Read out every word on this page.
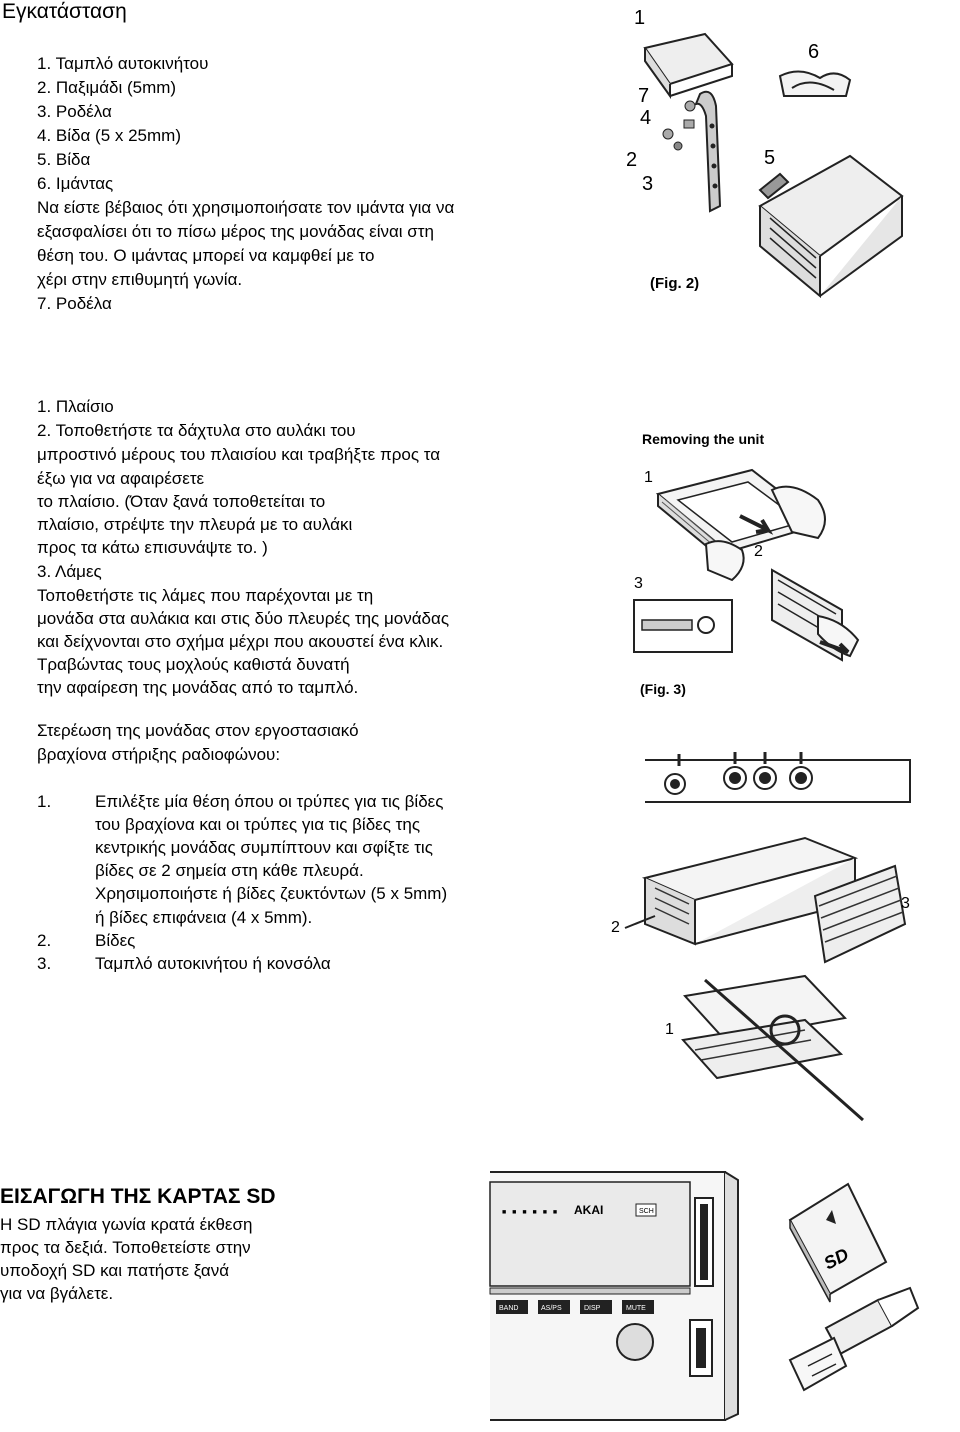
Εγκατάσταση
1. Ταμπλό αυτοκινήτου
2. Παξιμάδι (5mm)
3. Ροδέλα
4. Βίδα (5 x 25mm)
5. Βίδα
6. Ιμάντας
Να είστε βέβαιος ότι χρησιμοποιήσατε τον ιμάντα για να
εξασφαλίσει ότι το πίσω μέρος της μονάδας είναι στη
θέση του. Ο ιμάντας μπορεί να καμφθεί με το
χέρι στην επιθυμητή γωνία.
7. Ροδέλα
1
7
4
2
3
6
5
(Fig. 2)
1. Πλαίσιο
2. Τοποθετήστε τα δάχτυλα στο αυλάκι του
μπροστινό μέρους του πλαισίου και τραβήξτε προς τα
έξω για να αφαιρέσετε
το πλαίσιο. (Όταν ξανά τοποθετείται το
πλαίσιο, στρέψτε την πλευρά με το αυλάκι
προς τα κάτω επισυνάψτε το. )
3. Λάμες
Τοποθετήστε τις λάμες που παρέχονται με τη
μονάδα στα αυλάκια και στις δύο πλευρές της μονάδας
και δείχνονται στο σχήμα μέχρι που ακουστεί ένα κλικ.
Τραβώντας τους μοχλούς καθιστά δυνατή
την αφαίρεση της μονάδας από το ταμπλό.
Removing the unit
1
2
3
(Fig. 3)
Στερέωση της μονάδας στον εργοστασιακό
βραχίονα στήριξης ραδιοφώνου:
1.	Επιλέξτε μία θέση όπου οι τρύπες για τις βίδες
του βραχίονα και οι τρύπες για τις βίδες της
κεντρικής μονάδας συμπίπτουν και σφίξτε τις
βίδες σε 2 σημεία στη κάθε πλευρά.
Χρησιμοποιήστε ή βίδες ζευκτόντων (5 x 5mm)
ή βίδες επιφάνεια (4 x 5mm).
2.	Βίδες
3.	Ταμπλό αυτοκινήτου ή κονσόλα
2
3
1
ΕΙΣΑΓΩΓΗ ΤΗΣ ΚΑΡΤΑΣ SD
Η SD πλάγια γωνία κρατά έκθεση
προς τα δεξιά. Τοποθετείστε στην
υποδοχή SD και πατήστε ξανά
για να βγάλετε.
■ ■ ■ ■ ■ ■ AKAI	SCH
BAND	AS/PS	DISP	MUTE
SD
